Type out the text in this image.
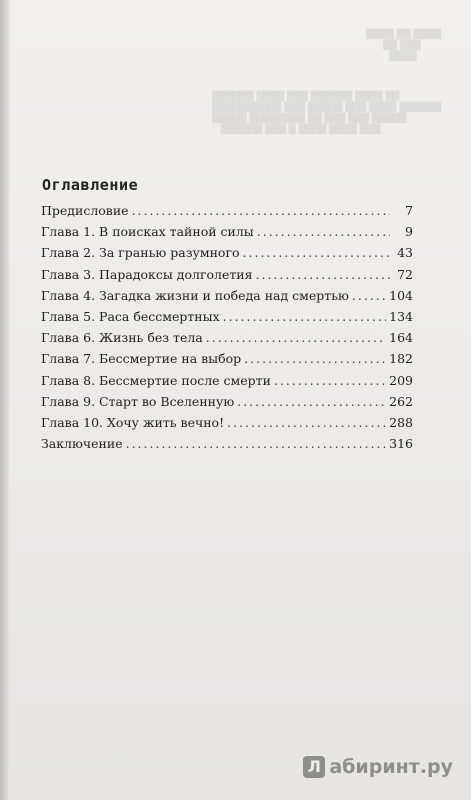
████ ██ ████
██ ███
████
██████ ████ ███ ██████ ████ ██
██████████ ███ █████ ███ ████ ██████
█████ ████████ ██ ███ ███ █████
██████ ███ █ ████ ████ ███
Оглавление
Предисловие .....	7
Глава 1. В поисках тайной силы .....	9
Глава 2. За гранью разумного .....	43
Глава 3. Парадоксы долголетия .....	72
Глава 4. Загадка жизни и победа над смертью .....	104
Глава 5. Раса бессмертных .....	134
Глава 6. Жизнь без тела .....	164
Глава 7. Бессмертие на выбор .....	182
Глава 8. Бессмертие после смерти .....	209
Глава 9. Старт во Вселенную .....	262
Глава 10. Хочу жить вечно! .....	288
Заключение .....	316
Л абиринт.ру
